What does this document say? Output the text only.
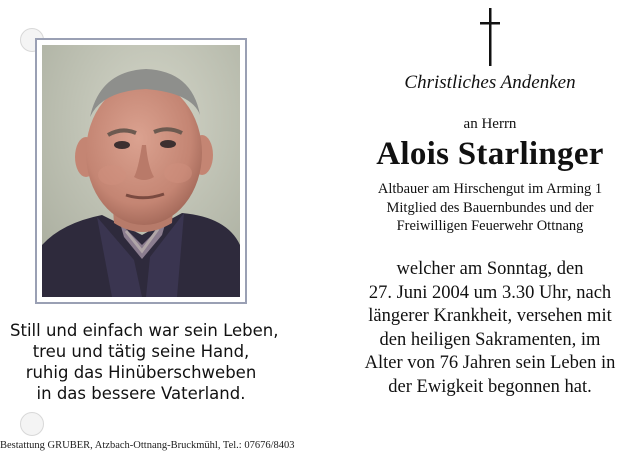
Still und einfach war sein Leben,
treu und tätig seine Hand,
ruhig das Hinüberschweben
in das bessere Vaterland.
Bestattung GRUBER, Atzbach-Ottnang-Bruckmühl, Tel.: 07676/8403
Christliches Andenken
an Herrn
Alois Starlinger
Altbauer am Hirschengut im Arming 1
Mitglied des Bauernbundes und der
Freiwilligen Feuerwehr Ottnang
welcher am Sonntag, den
27. Juni 2004 um 3.30 Uhr, nach
längerer Krankheit, versehen mit
den heiligen Sakramenten, im
Alter von 76 Jahren sein Leben in
der Ewigkeit begonnen hat.
